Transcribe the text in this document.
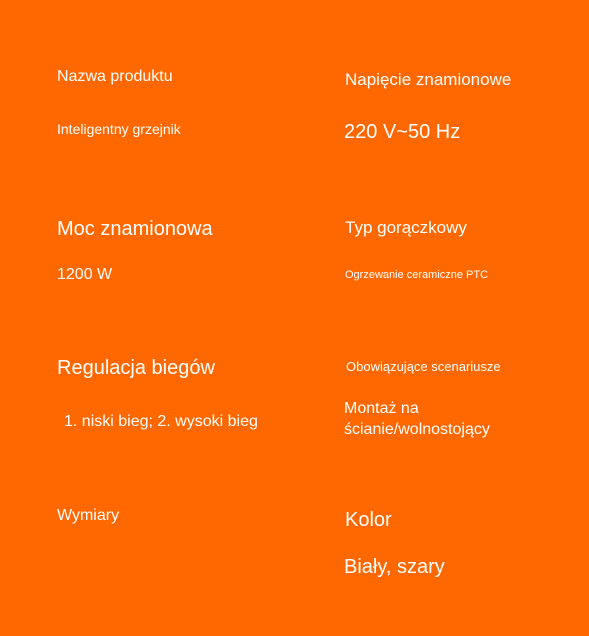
Nazwa produktu
Inteligentny grzejnik
Moc znamionowa
1200 W
Regulacja biegów
1. niski bieg; 2. wysoki bieg
Wymiary
Napięcie znamionowe
220 V~50 Hz
Typ gorączkowy
Ogrzewanie ceramiczne PTC
Obowiązujące scenariusze
Montaż na
ścianie/wolnostojący
Kolor
Biały, szary
